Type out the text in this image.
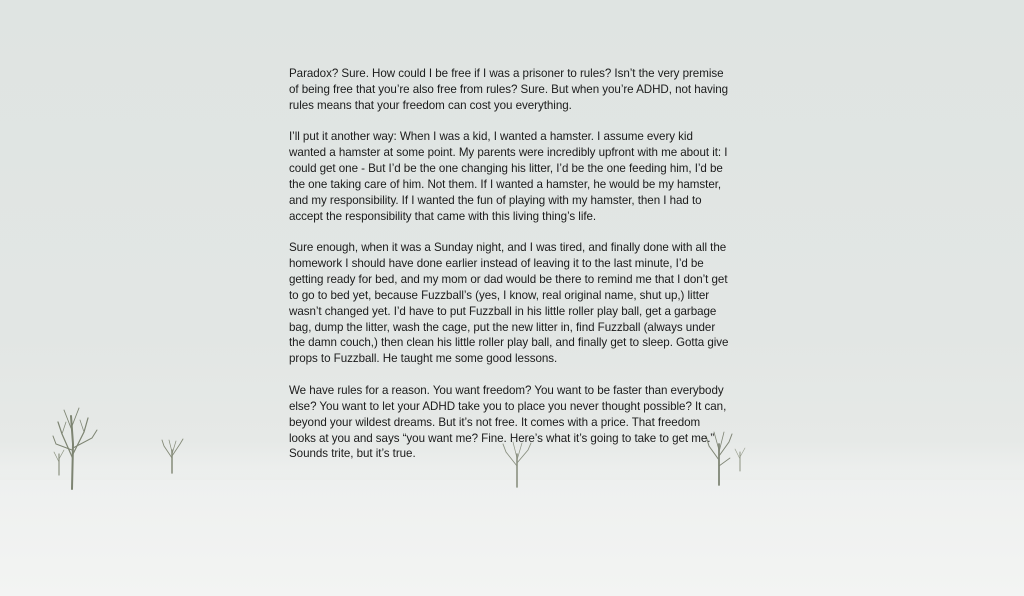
Paradox? Sure. How could I be free if I was a prisoner to rules? Isn’t the very premise of being free that you’re also free from rules? Sure. But when you’re ADHD, not having rules means that your freedom can cost you everything.

I’ll put it another way: When I was a kid, I wanted a hamster. I assume every kid wanted a hamster at some point. My parents were incredibly upfront with me about it: I could get one - But I’d be the one changing his litter, I’d be the one feeding him, I’d be the one taking care of him. Not them. If I wanted a hamster, he would be my hamster, and my responsibility. If I wanted the fun of playing with my hamster, then I had to accept the responsibility that came with this living thing’s life.

Sure enough, when it was a Sunday night, and I was tired, and finally done with all the homework I should have done earlier instead of leaving it to the last minute, I’d be getting ready for bed, and my mom or dad would be there to remind me that I don’t get to go to bed yet, because Fuzzball’s (yes, I know, real original name, shut up,) litter wasn’t changed yet. I’d have to put Fuzzball in his little roller play ball, get a garbage bag, dump the litter, wash the cage, put the new litter in, find Fuzzball (always under the damn couch,) then clean his little roller play ball, and finally get to sleep. Gotta give props to Fuzzball. He taught me some good lessons.

We have rules for a reason. You want freedom? You want to be faster than everybody else? You want to let your ADHD take you to place you never thought possible? It can, beyond your wildest dreams. But it’s not free. It comes with a price. That freedom looks at you and says “you want me? Fine. Here’s what it’s going to take to get me.” Sounds trite, but it’s true.
